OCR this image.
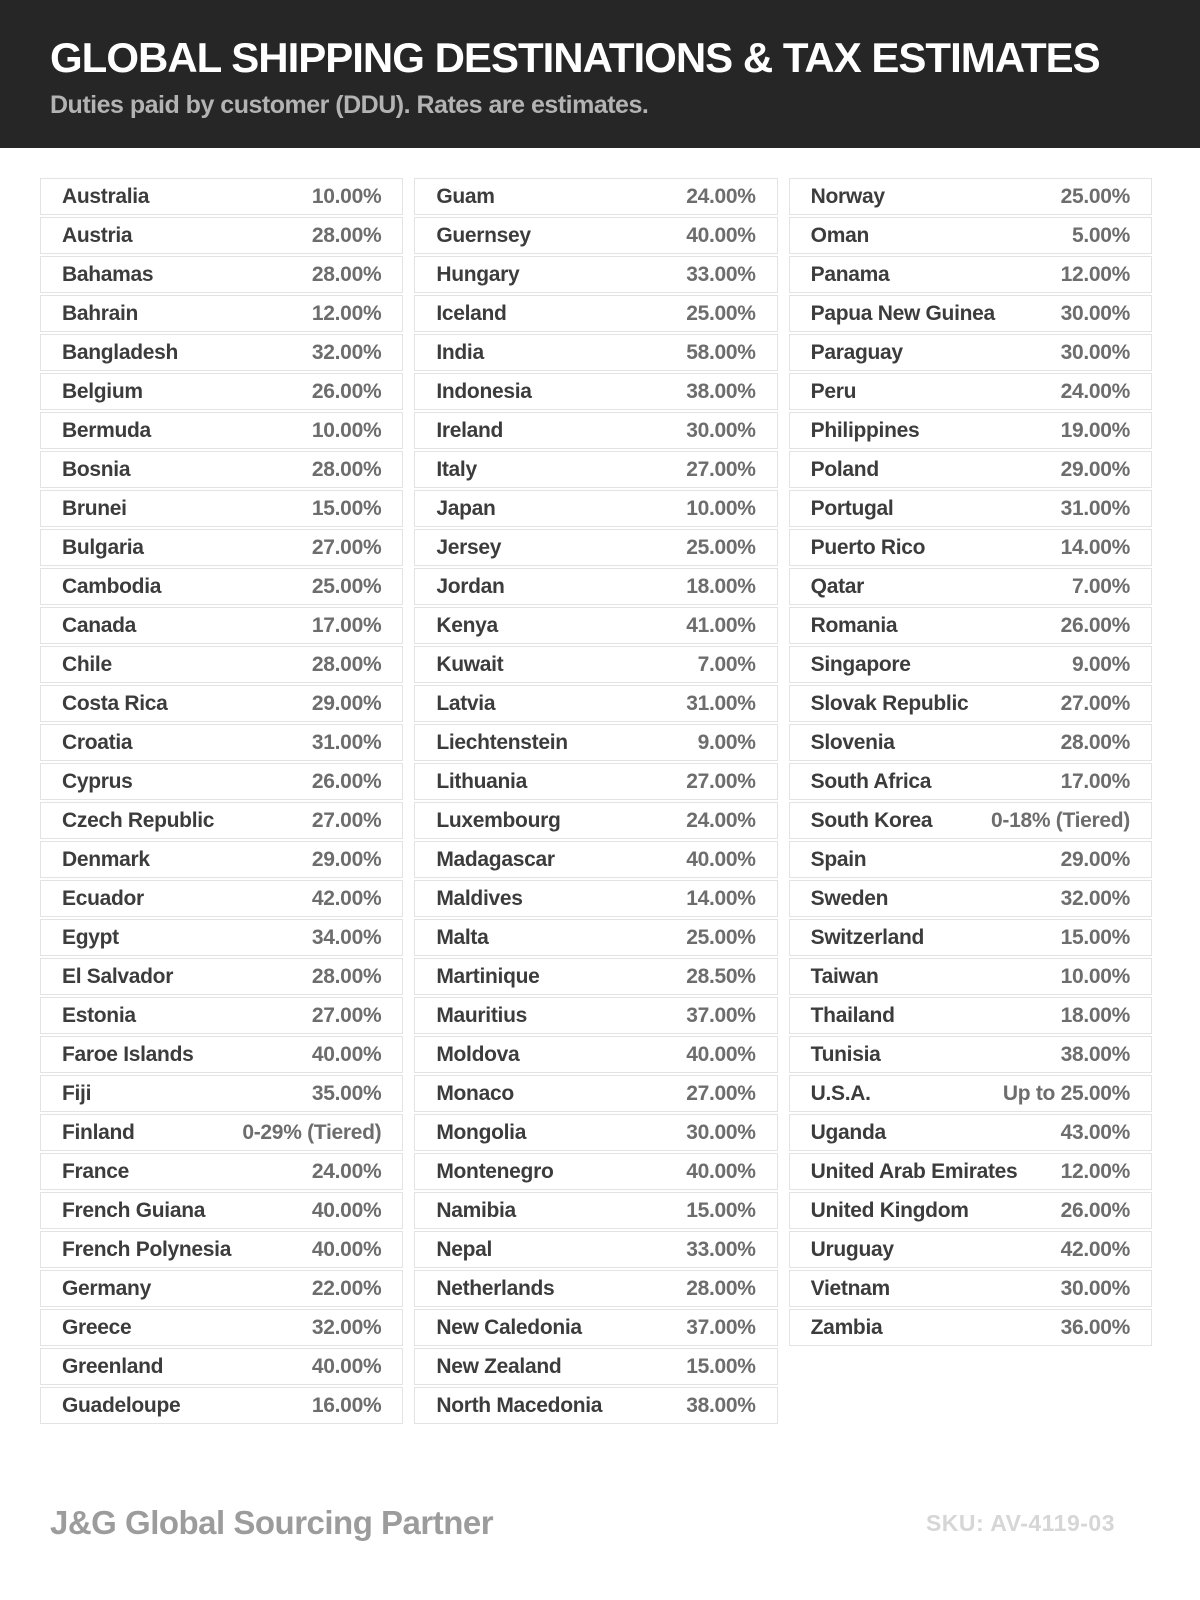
GLOBAL SHIPPING DESTINATIONS & TAX ESTIMATES

Duties paid by customer (DDU). Rates are estimates.

Australia	10.00%
Austria	28.00%
Bahamas	28.00%
Bahrain	12.00%
Bangladesh	32.00%
Belgium	26.00%
Bermuda	10.00%
Bosnia	28.00%
Brunei	15.00%
Bulgaria	27.00%
Cambodia	25.00%
Canada	17.00%
Chile	28.00%
Costa Rica	29.00%
Croatia	31.00%
Cyprus	26.00%
Czech Republic	27.00%
Denmark	29.00%
Ecuador	42.00%
Egypt	34.00%
El Salvador	28.00%
Estonia	27.00%
Faroe Islands	40.00%
Fiji	35.00%
Finland	0-29% (Tiered)
France	24.00%
French Guiana	40.00%
French Polynesia	40.00%
Germany	22.00%
Greece	32.00%
Greenland	40.00%
Guadeloupe	16.00%
Guam	24.00%
Guernsey	40.00%
Hungary	33.00%
Iceland	25.00%
India	58.00%
Indonesia	38.00%
Ireland	30.00%
Italy	27.00%
Japan	10.00%
Jersey	25.00%
Jordan	18.00%
Kenya	41.00%
Kuwait	7.00%
Latvia	31.00%
Liechtenstein	9.00%
Lithuania	27.00%
Luxembourg	24.00%
Madagascar	40.00%
Maldives	14.00%
Malta	25.00%
Martinique	28.50%
Mauritius	37.00%
Moldova	40.00%
Monaco	27.00%
Mongolia	30.00%
Montenegro	40.00%
Namibia	15.00%
Nepal	33.00%
Netherlands	28.00%
New Caledonia	37.00%
New Zealand	15.00%
North Macedonia	38.00%
Norway	25.00%
Oman	5.00%
Panama	12.00%
Papua New Guinea	30.00%
Paraguay	30.00%
Peru	24.00%
Philippines	19.00%
Poland	29.00%
Portugal	31.00%
Puerto Rico	14.00%
Qatar	7.00%
Romania	26.00%
Singapore	9.00%
Slovak Republic	27.00%
Slovenia	28.00%
South Africa	17.00%
South Korea	0-18% (Tiered)
Spain	29.00%
Sweden	32.00%
Switzerland	15.00%
Taiwan	10.00%
Thailand	18.00%
Tunisia	38.00%
U.S.A.	Up to 25.00%
Uganda	43.00%
United Arab Emirates 12.00%
United Kingdom	26.00%
Uruguay	42.00%
Vietnam	30.00%
Zambia	36.00%
J&G Global Sourcing Partner	SKU: AV-4119-03
